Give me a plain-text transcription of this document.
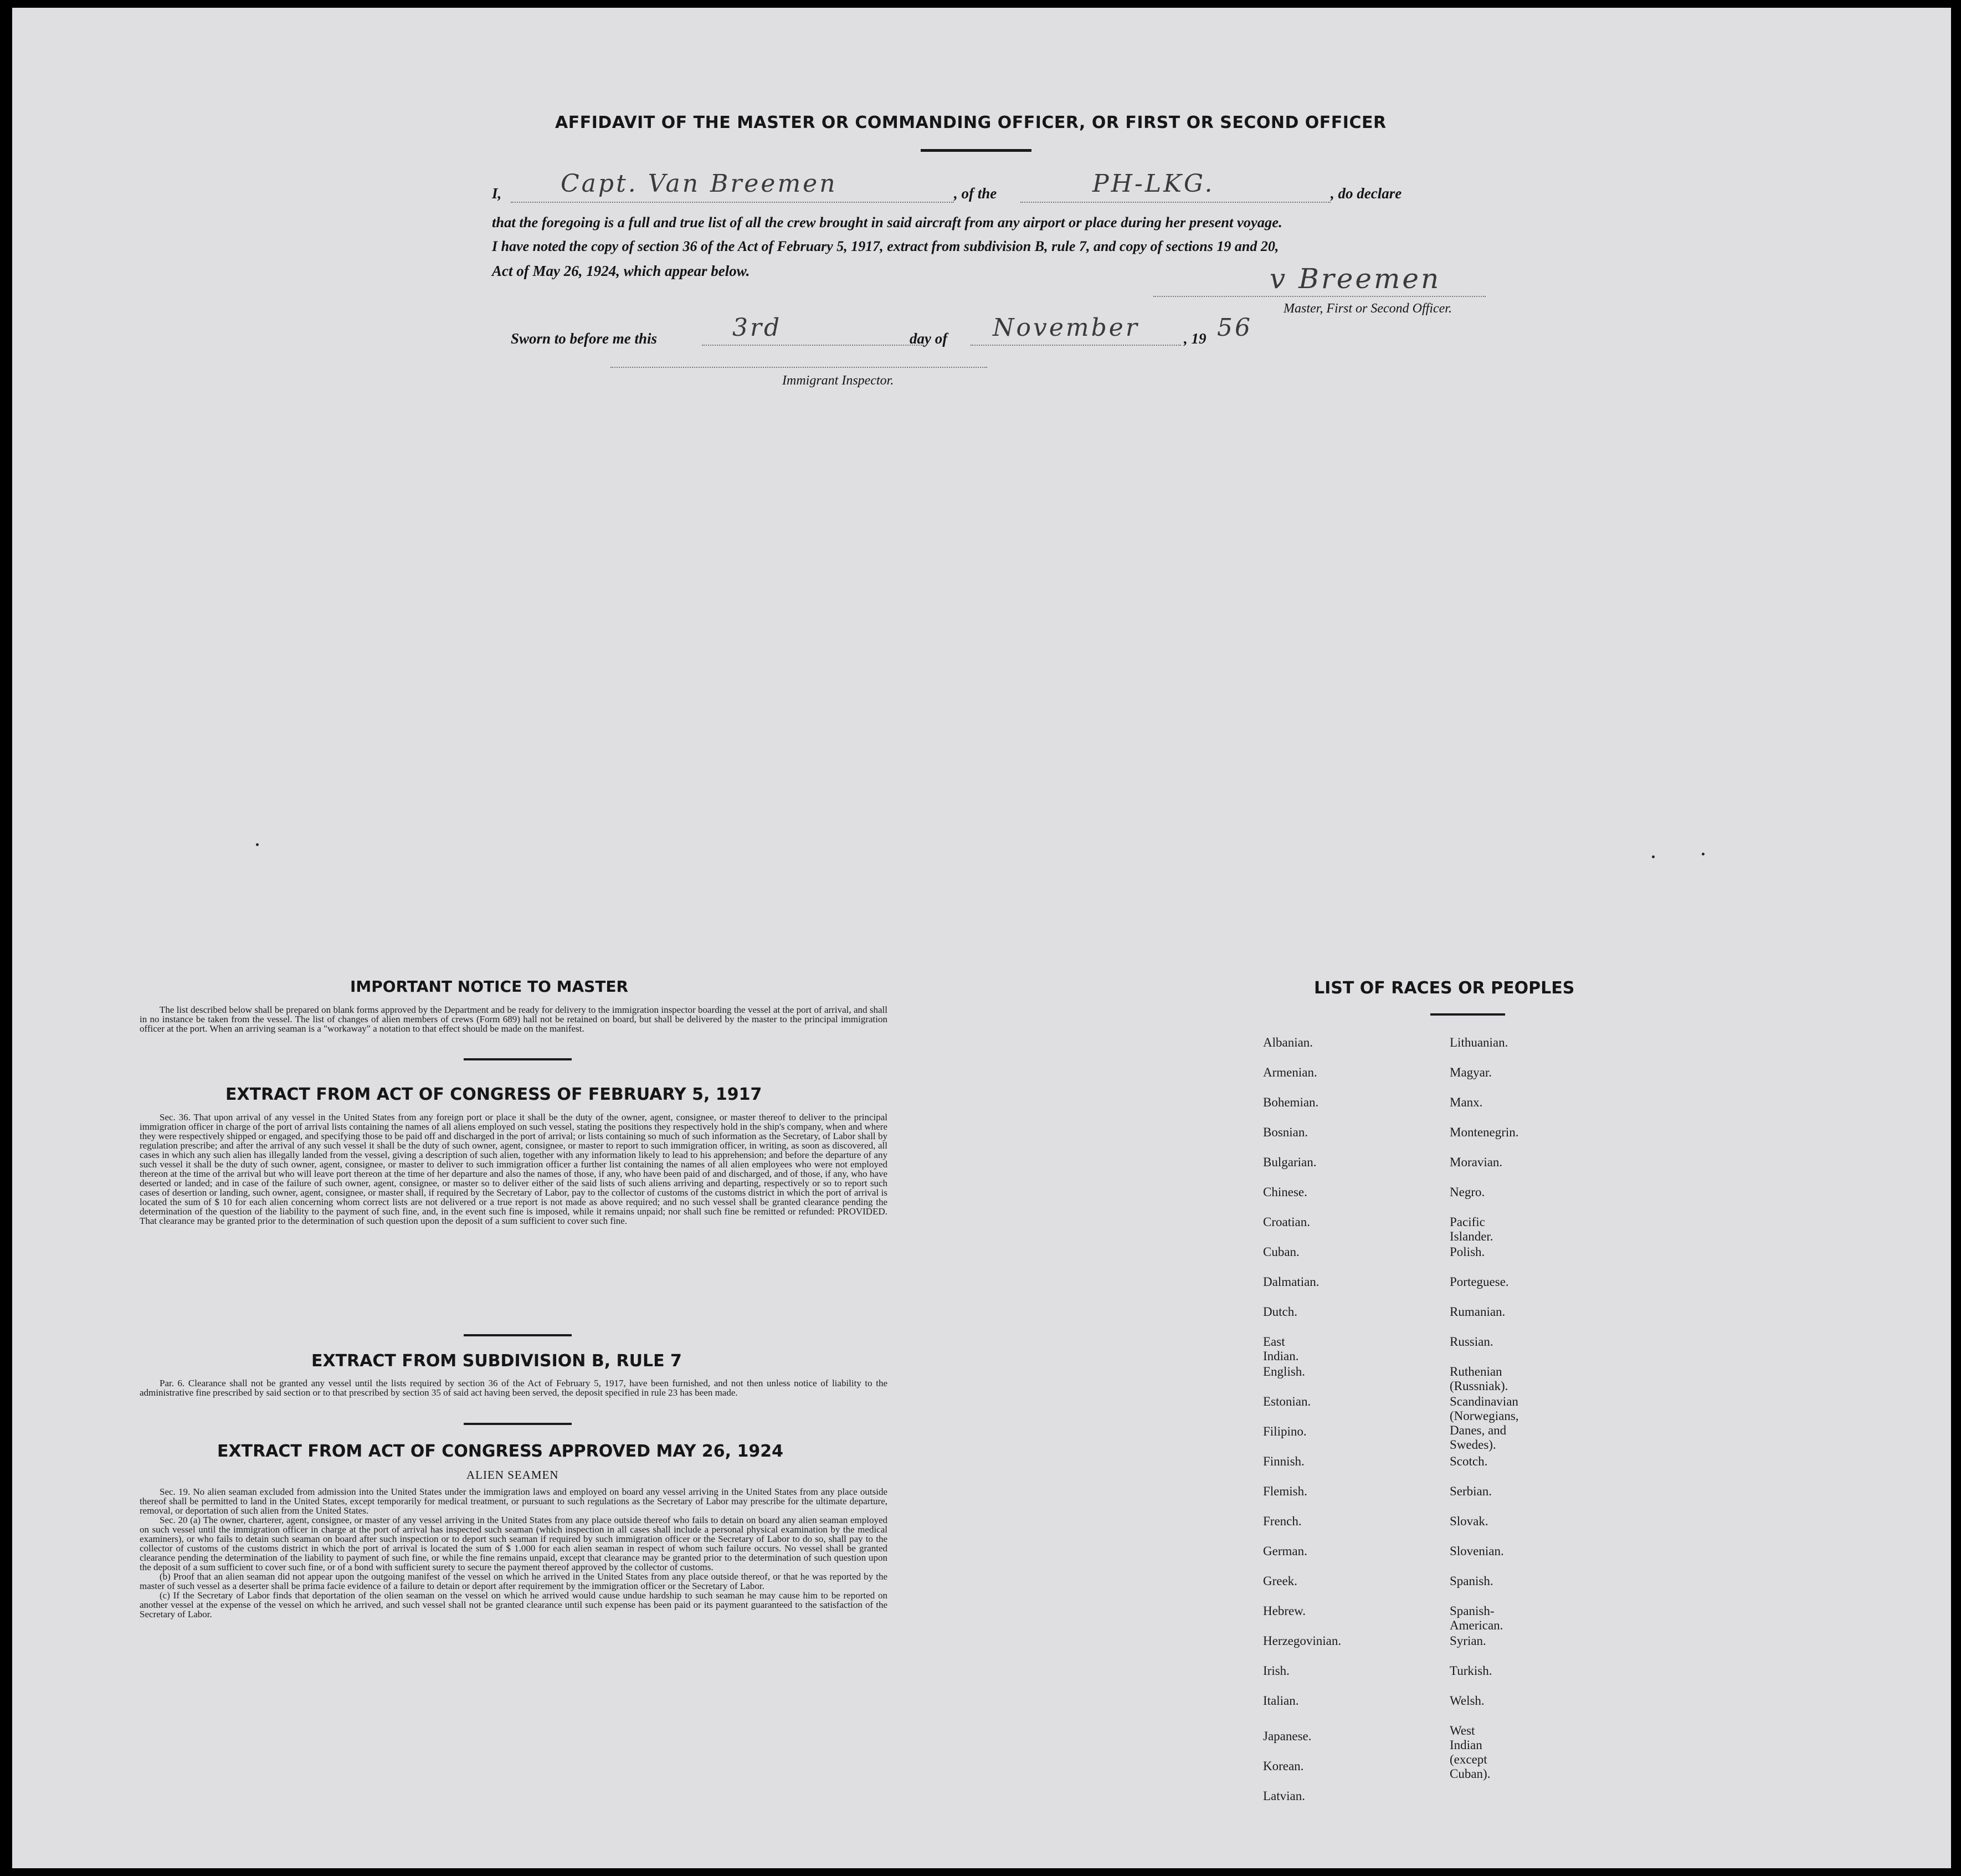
AFFIDAVIT OF THE MASTER OR COMMANDING OFFICER, OR FIRST OR SECOND OFFICER
I, Capt. Van Breemen	, of the	PH-LKG.	, do declare
that the foregoing is a full and true list of all the crew brought in said aircraft from any airport or place during her present voyage.
I have noted the copy of section 36 of the Act of February 5, 1917, extract from subdivision B, rule 7, and copy of sections 19 and 20,
Act of May 26, 1924, which appear below.	v Breemen
Master, First or Second Officer.
Sworn to before me this	3rd	day of November	, 19 56
Immigrant Inspector.
IMPORTANT NOTICE TO MASTER

The list described below shall be prepared on blank forms approved by the Department and be ready for delivery to the immigration inspector boarding the vessel at the port of arrival, and shall in no instance be taken from the vessel. The list of changes of alien members of crews (Form 689) hall not be retained on board, but shall be delivered by the master to the principal immigration officer at the port. When an arriving seaman is a "workaway" a notation to that effect should be made on the manifest.

EXTRACT FROM ACT OF CONGRESS OF FEBRUARY 5, 1917

Sec. 36. That upon arrival of any vessel in the United States from any foreign port or place it shall be the duty of the owner, agent, consignee, or master thereof to deliver to the principal immigration officer in charge of the port of arrival lists containing the names of all aliens employed on such vessel, stating the positions they respectively hold in the ship's company, when and where they were respectively shipped or engaged, and specifying those to be paid off and discharged in the port of arrival; or lists containing so much of such information as the Secretary, of Labor shall by regulation prescribe; and after the arrival of any such vessel it shall be the duty of such owner, agent, consignee, or master to report to such immigration officer, in writing, as soon as discovered, all cases in which any such alien has illegally landed from the vessel, giving a description of such alien, together with any information likely to lead to his apprehension; and before the departure of any such vessel it shall be the duty of such owner, agent, consignee, or master to deliver to such immigration officer a further list containing the names of all alien employees who were not employed thereon at the time of the arrival but who will leave port thereon at the time of her departure and also the names of those, if any, who have been paid of and discharged, and of those, if any, who have deserted or landed; and in case of the failure of such owner, agent, consignee, or master so to deliver either of the said lists of such aliens arriving and departing, respectively or so to report such cases of desertion or landing, such owner, agent, consignee, or master shall, if required by the Secretary of Labor, pay to the collector of customs of the customs district in which the port of arrival is located the sum of $ 10 for each alien concerning whom correct lists are not delivered or a true report is not made as above required; and no such vessel shall be granted clearance pending the determination of the question of the liability to the payment of such fine, and, in the event such fine is imposed, while it remains unpaid; nor shall such fine be remitted or refunded: PROVIDED. That clearance may be granted prior to the determination of such question upon the deposit of a sum sufficient to cover such fine.

EXTRACT FROM SUBDIVISION B, RULE 7

Par. 6. Clearance shall not be granted any vessel until the lists required by section 36 of the Act of February 5, 1917, have been furnished, and not then unless notice of liability to the administrative fine prescribed by said section or to that prescribed by section 35 of said act having been served, the deposit specified in rule 23 has been made.

EXTRACT FROM ACT OF CONGRESS APPROVED MAY 26, 1924
ALIEN SEAMEN

Sec. 19. No alien seaman excluded from admission into the United States under the immigration laws and employed on board any vessel arriving in the United States from any place outside thereof shall be permitted to land in the United States, except temporarily for medical treatment, or pursuant to such regulations as the Secretary of Labor may prescribe for the ultimate departure, removal, or deportation of such alien from the United States.

Sec. 20 (a) The owner, charterer, agent, consignee, or master of any vessel arriving in the United States from any place outside thereof who fails to detain on board any alien seaman employed on such vessel until the immigration officer in charge at the port of arrival has inspected such seaman (which inspection in all cases shall include a personal physical examination by the medical examiners), or who fails to detain such seaman on board after such inspection or to deport such seaman if required by such immigration officer or the Secretary of Labor to do so, shall pay to the collector of customs of the customs district in which the port of arrival is located the sum of $ 1.000 for each alien seaman in respect of whom such failure occurs. No vessel shall be granted clearance pending the determination of the liability to payment of such fine, or while the fine remains unpaid, except that clearance may be granted prior to the determination of such question upon the deposit of a sum sufficient to cover such fine, or of a bond with sufficient surety to secure the payment thereof approved by the collector of customs.

(b) Proof that an alien seaman did not appear upon the outgoing manifest of the vessel on which he arrived in the United States from any place outside thereof, or that he was reported by the master of such vessel as a deserter shall be prima facie evidence of a failure to detain or deport after requirement by the immigration officer or the Secretary of Labor.

(c) If the Secretary of Labor finds that deportation of the olien seaman on the vessel on which he arrived would cause undue hardship to such seaman he may cause him to be reported on another vessel at the expense of the vessel on which he arrived, and such vessel shall not be granted clearance until such expense has been paid or its payment guaranteed to the satisfaction of the Secretary of Labor.

LIST OF RACES OR PEOPLES
Albanian.
Armenian.
Bohemian.
Bosnian.
Bulgarian.
Chinese.
Croatian.
Cuban.
Dalmatian.
Dutch.
East Indian.
English.
Estonian.
Filipino.
Finnish.
Flemish.
French.
German.
Greek.
Hebrew.
Herzegovinian.
Irish.
Italian.
Japanese.
Korean.
Latvian.
Lithuanian.
Magyar.
Manx.
Montenegrin.
Moravian.
Negro.
Pacific Islander.
Polish.
Porteguese.
Rumanian.
Russian.
Ruthenian (Russniak).
Scandinavian (Norwegians,
Danes, and Swedes).
Scotch.
Serbian.
Slovak.
Slovenian.
Spanish.
Spanish-American.
Syrian.
Turkish.
Welsh.
West Indian
(except Cuban).
